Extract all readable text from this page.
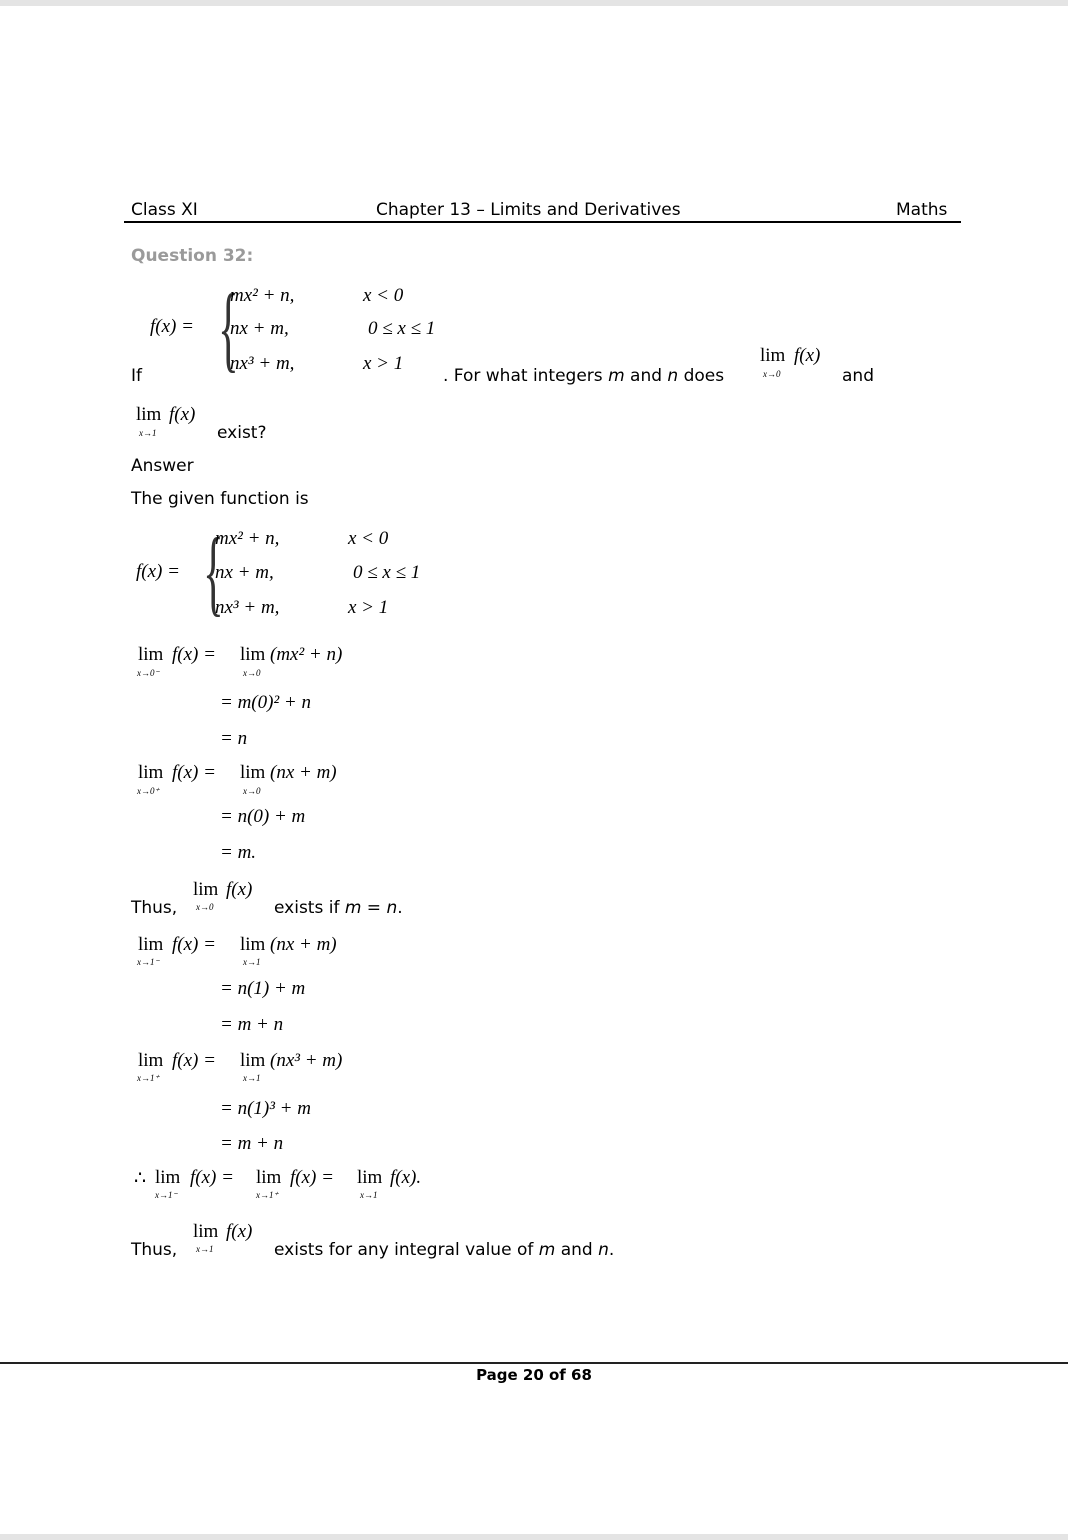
Class XI	Chapter 13 – Limits and Derivatives	Maths
Question 32:
f(x) = {
mx² + n,	x < 0
nx + m,	0 ≤ x ≤ 1
nx³ + m,	x > 1
If	. For what integers m and n does
lim
x→0
f(x)
and
lim
x→1
f(x)
exist?
Answer
The given function is
f(x) = {
mx² + n,	x < 0
nx + m,	0 ≤ x ≤ 1
nx³ + m,	x > 1
lim
x→0⁻
f(x) = lim
x→0
(mx² + n)
= m(0)² + n
= n
lim
x→0⁺
f(x) = lim
x→0
(nx + m)
= n(0) + m
= m.
Thus,
lim
x→0
f(x)
exists if m = n.
lim
x→1⁻
f(x) = lim
x→1
(nx + m)
= n(1) + m
= m + n
lim
x→1⁺
f(x) = lim
x→1
(nx³ + m)
= n(1)³ + m
= m + n
∴ lim
x→1⁻
f(x) = lim
x→1⁺
f(x) = lim
x→1
f(x).
Thus,
lim
x→1
f(x)
exists for any integral value of m and n.
Page 20 of 68
